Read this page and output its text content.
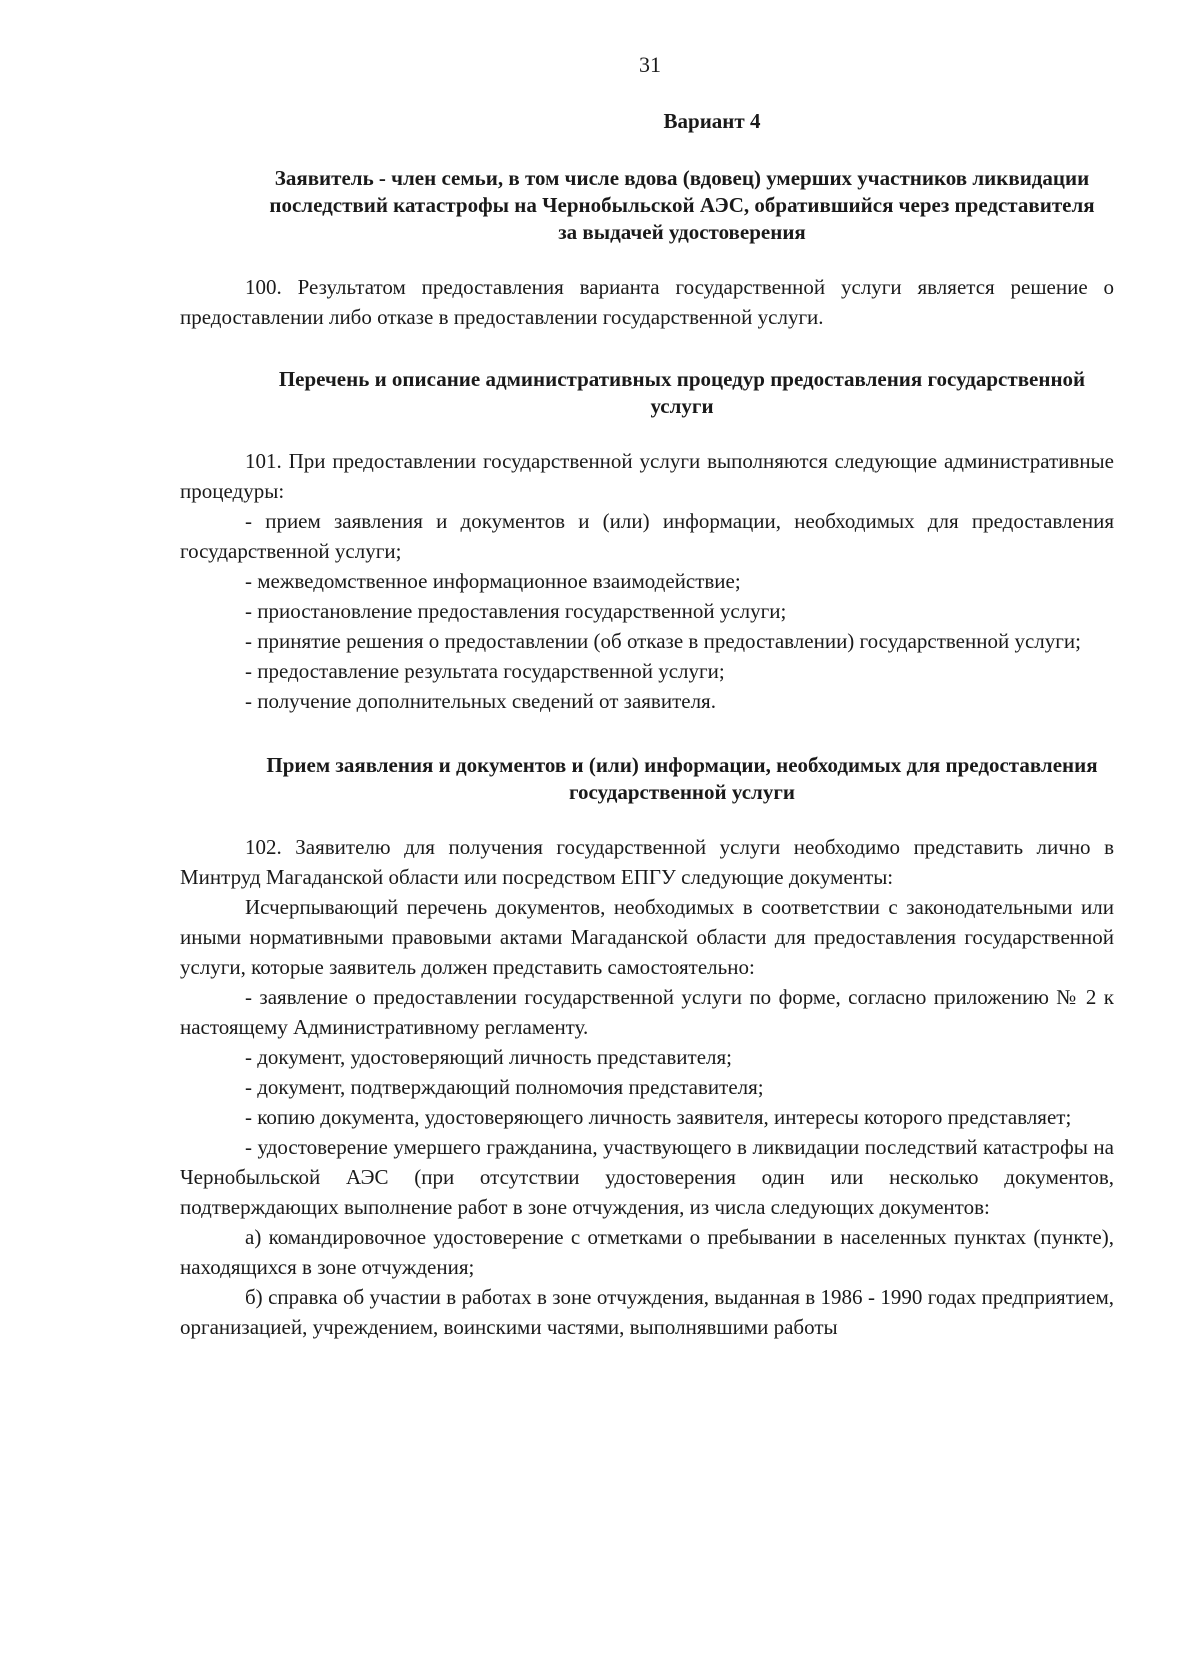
31

Вариант 4

Заявитель - член семьи, в том числе вдова (вдовец) умерших участников ликвидации последствий катастрофы на Чернобыльской АЭС, обратившийся через представителя за выдачей удостоверения

100. Результатом предоставления варианта государственной услуги является решение о предоставлении либо отказе в предоставлении государственной услуги.

Перечень и описание административных процедур предоставления государственной услуги

101. При предоставлении государственной услуги выполняются следующие административные процедуры:

- прием заявления и документов и (или) информации, необходимых для предоставления государственной услуги;

- межведомственное информационное взаимодействие;

- приостановление предоставления государственной услуги;

- принятие решения о предоставлении (об отказе в предоставлении) государственной услуги;

- предоставление результата государственной услуги;

- получение дополнительных сведений от заявителя.

Прием заявления и документов и (или) информации, необходимых для предоставления государственной услуги

102. Заявителю для получения государственной услуги необходимо представить лично в Минтруд Магаданской области или посредством ЕПГУ следующие документы:

Исчерпывающий перечень документов, необходимых в соответствии с законодательными или иными нормативными правовыми актами Магаданской области для предоставления государственной услуги, которые заявитель должен представить самостоятельно:

- заявление о предоставлении государственной услуги по форме, согласно приложению № 2 к настоящему Административному регламенту.

- документ, удостоверяющий личность представителя;

- документ, подтверждающий полномочия представителя;

- копию документа, удостоверяющего личность заявителя, интересы которого представляет;

- удостоверение умершего гражданина, участвующего в ликвидации последствий катастрофы на Чернобыльской АЭС (при отсутствии удостоверения один или несколько документов, подтверждающих выполнение работ в зоне отчуждения, из числа следующих документов:

а) командировочное удостоверение с отметками о пребывании в населенных пунктах (пункте), находящихся в зоне отчуждения;

б) справка об участии в работах в зоне отчуждения, выданная в 1986 - 1990 годах предприятием, организацией, учреждением, воинскими частями, выполнявшими работы
